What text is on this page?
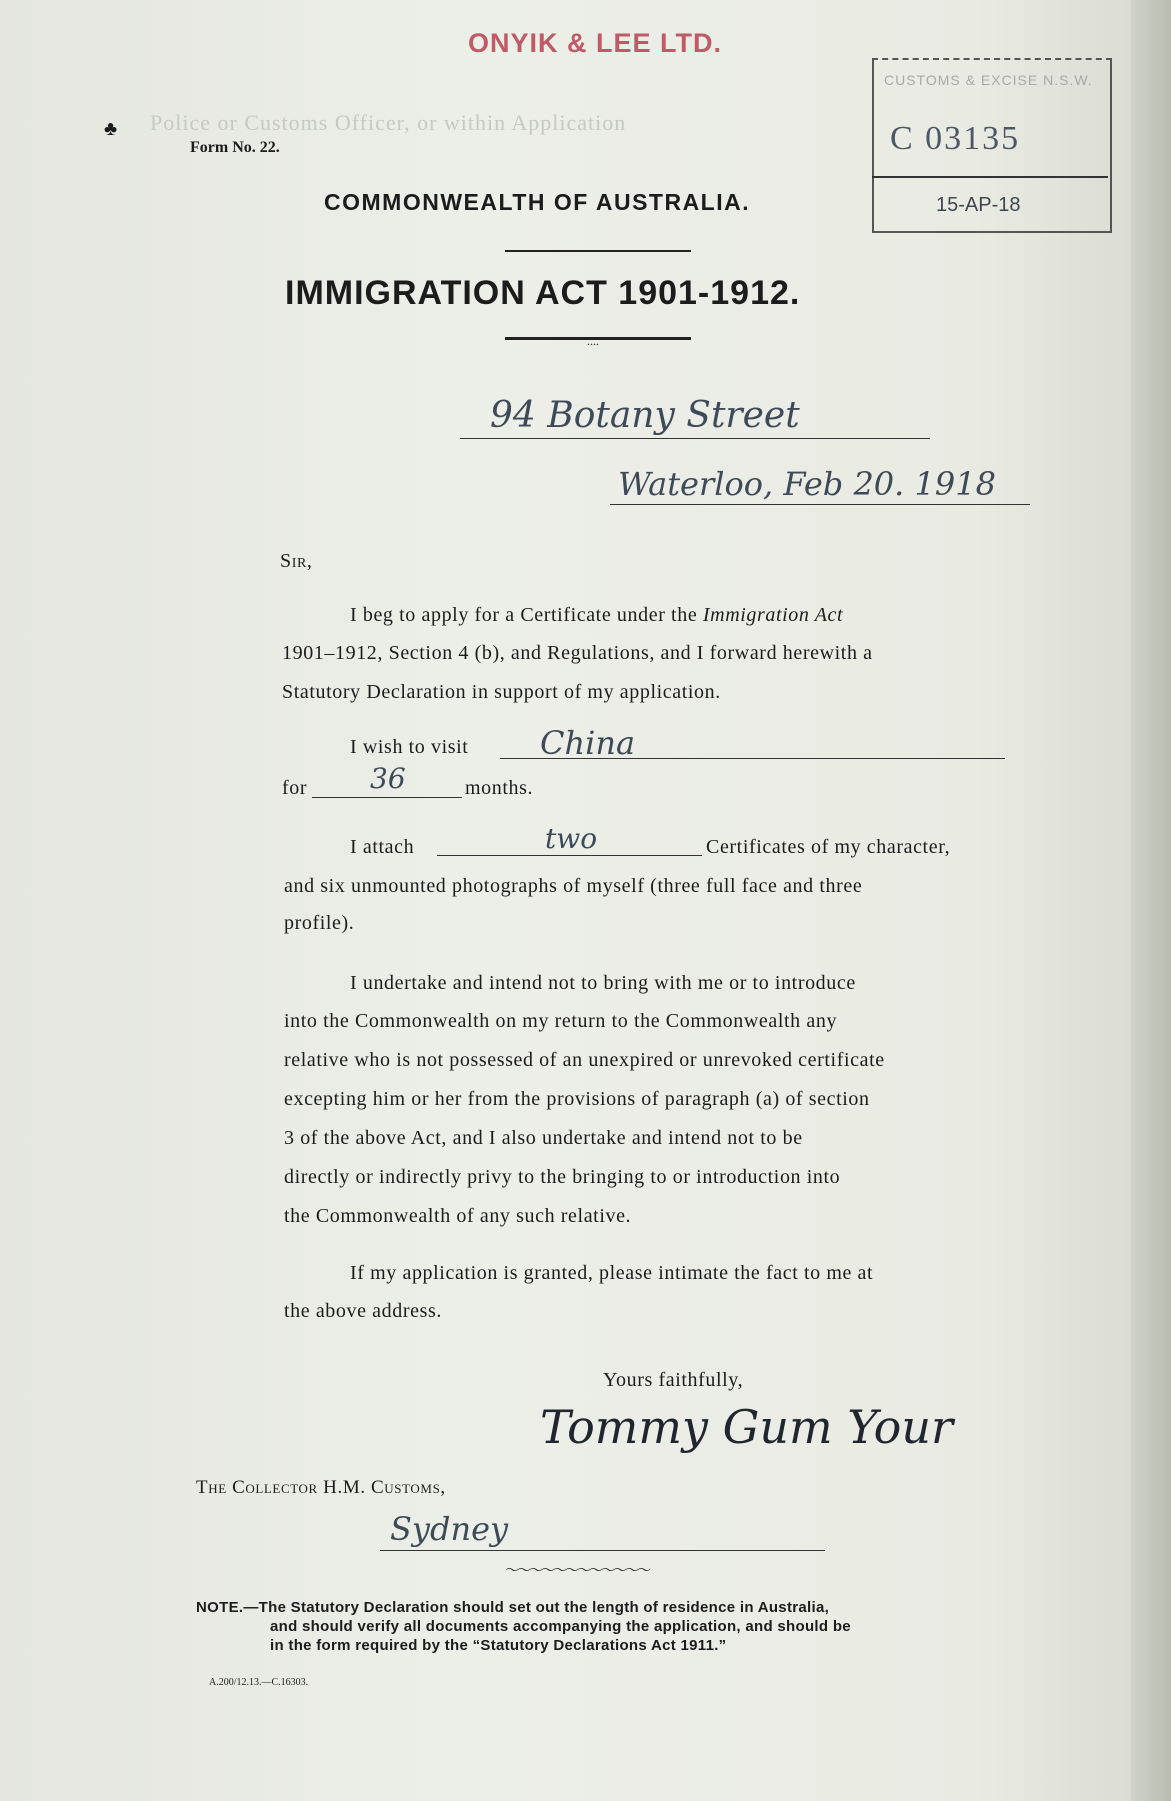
Police or Customs Officer, or within Application
ONYIK & LEE LTD.
Form No. 22.
♣
COMMONWEALTH OF AUSTRALIA.
CUSTOMS & EXCISE N.S.W.
C 03135
15-AP-18
IMMIGRATION ACT 1901-1912.
....
94 Botany Street
Waterloo, Feb 20. 1918
Sir,
I beg to apply for a Certificate under the Immigration Act
1901–1912, Section 4 (b), and Regulations, and I forward herewith a
Statutory Declaration in support of my application.
I wish to visit China
for 36	months.
I attach	two	Certificates of my character,
and six unmounted photographs of myself (three full face and three
profile).
I undertake and intend not to bring with me or to introduce
into the Commonwealth on my return to the Commonwealth any
relative who is not possessed of an unexpired or unrevoked certificate
excepting him or her from the provisions of paragraph (a) of section
3 of the above Act, and I also undertake and intend not to be
directly or indirectly privy to the bringing to or introduction into
the Commonwealth of any such relative.
If my application is granted, please intimate the fact to me at
the above address.
Yours faithfully,
Tommy Gum Your
The Collector H.M. Customs,
Sydney
〜〜〜〜〜〜〜〜〜〜〜〜
NOTE.—The Statutory Declaration should set out the length of residence in Australia,
and should verify all documents accompanying the application, and should be
in the form required by the “Statutory Declarations Act 1911.”
A.200/12.13.—C.16303.
